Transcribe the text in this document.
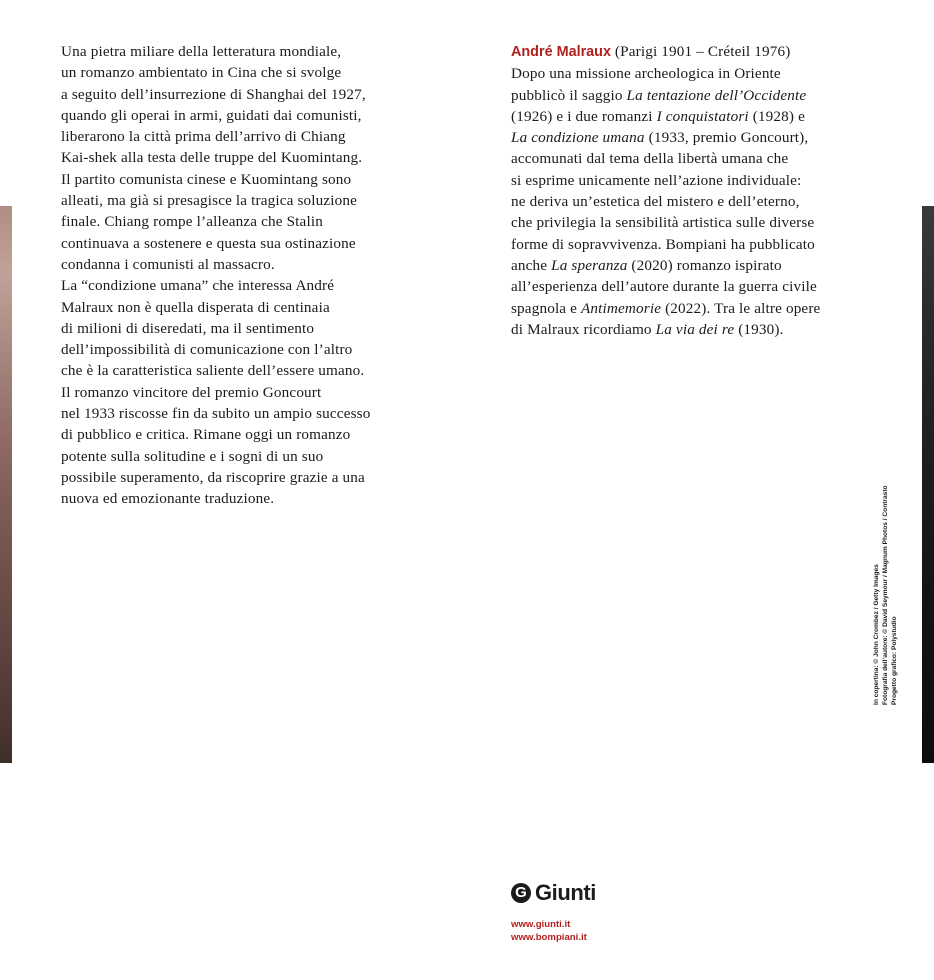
Una pietra miliare della letteratura mondiale,

un romanzo ambientato in Cina che si svolge

a seguito dell’insurrezione di Shanghai del 1927,

quando gli operai in armi, guidati dai comunisti,

liberarono la città prima dell’arrivo di Chiang

Kai-shek alla testa delle truppe del Kuomintang.

Il partito comunista cinese e Kuomintang sono

alleati, ma già si presagisce la tragica soluzione

finale. Chiang rompe l’alleanza che Stalin

continuava a sostenere e questa sua ostinazione

condanna i comunisti al massacro.

La “condizione umana” che interessa André

Malraux non è quella disperata di centinaia

di milioni di diseredati, ma il sentimento

dell’impossibilità di comunicazione con l’altro

che è la caratteristica saliente dell’essere umano.

Il romanzo vincitore del premio Goncourt

nel 1933 riscosse fin da subito un ampio successo

di pubblico e critica. Rimane oggi un romanzo

potente sulla solitudine e i sogni di un suo

possibile superamento, da riscoprire grazie a una

nuova ed emozionante traduzione.

André Malraux (Parigi 1901 – Créteil 1976)

Dopo una missione archeologica in Oriente

pubblicò il saggio La tentazione dell’Occidente

(1926) e i due romanzi I conquistatori (1928) e

La condizione umana (1933, premio Goncourt),

accomunati dal tema della libertà umana che

si esprime unicamente nell’azione individuale:

ne deriva un’estetica del mistero e dell’eterno,

che privilegia la sensibilità artistica sulle diverse

forme di sopravvivenza. Bompiani ha pubblicato

anche La speranza (2020) romanzo ispirato

all’esperienza dell’autore durante la guerra civile

spagnola e Antimemorie (2022). Tra le altre opere

di Malraux ricordiamo La via dei re (1930).

G Giunti
www.giunti.it
www.bompiani.it
In copertina: © John Crombez / Getty Images Fotografia dell’autore: © David Seymour / Magnum Photos / Contrasto Progetto grafico: Polystudio
